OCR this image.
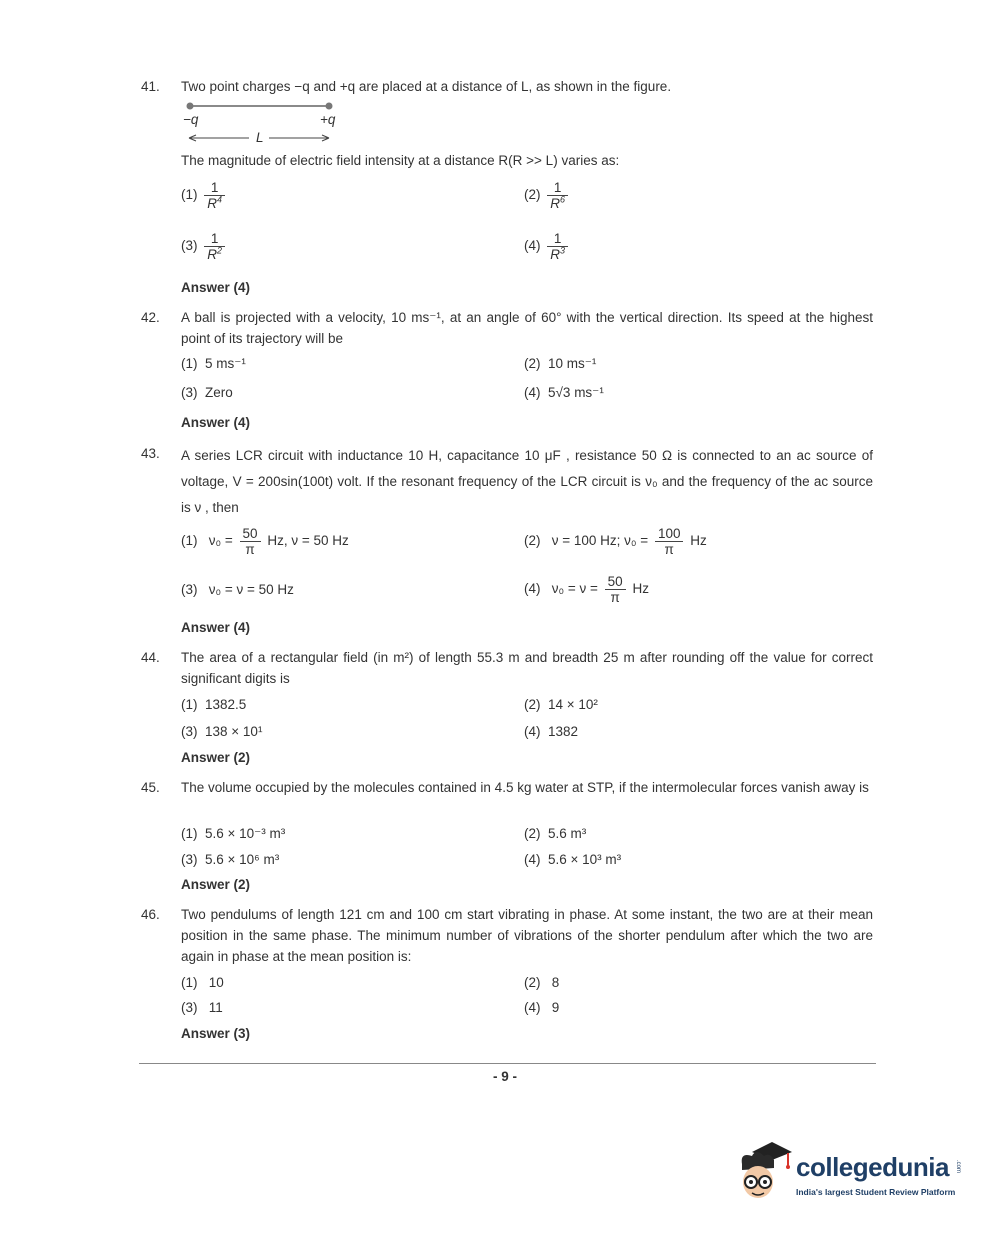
41. Two point charges −q and +q are placed at a distance of L, as shown in the figure.
−q	+q
L
The magnitude of electric field intensity at a distance R(R >> L) varies as:
$(1) \frac{1}{R^4}$	$(2) \frac{1}{R^6}$
$(3) \frac{1}{R^2}$	$(4) \frac{1}{R^3}$
Answer (4)
42. A ball is projected with a velocity, 10 ms⁻¹, at an angle of 60° with the vertical direction. Its speed at the highest point of its trajectory will be
(1) 5 ms⁻¹	(2) 10 ms⁻¹
(3) Zero	(4) 5√3 ms⁻¹
Answer (4)
43. A series LCR circuit with inductance 10 H, capacitance 10 μF , resistance 50 Ω is connected to an ac source of voltage, V = 200sin(100t) volt. If the resonant frequency of the LCR circuit is ν₀ and the frequency of the ac source is ν , then
(1) $\nu_0 = \frac{50}{\pi} Hz$, ν = 50 Hz	(2) ν = 100 Hz; $\nu_0 = \frac{100}{\pi}$ Hz
(3) ν₀ = ν = 50 Hz	(4) $\nu_0 = \nu = \frac{50}{\pi}$ Hz
Answer (4)
44. The area of a rectangular field (in m²) of length 55.3 m and breadth 25 m after rounding off the value for correct significant digits is
(1) 1382.5	(2) 14 × 10²
(3) 138 × 10¹	(4) 1382
Answer (2)
45. The volume occupied by the molecules contained in 4.5 kg water at STP, if the intermolecular forces vanish away is
(1) 5.6 × 10⁻³ m³	(2) 5.6 m³
(3) 5.6 × 10⁶ m³	(4) 5.6 × 10³ m³
Answer (2)
46. Two pendulums of length 121 cm and 100 cm start vibrating in phase. At some instant, the two are at their mean position in the same phase. The minimum number of vibrations of the shorter pendulum after which the two are again in phase at the mean position is:
(1) 10	(2) 8
(3) 11	(4) 9
Answer (3)
- 9 -
collegedunia .com
India's largest Student Review Platform
